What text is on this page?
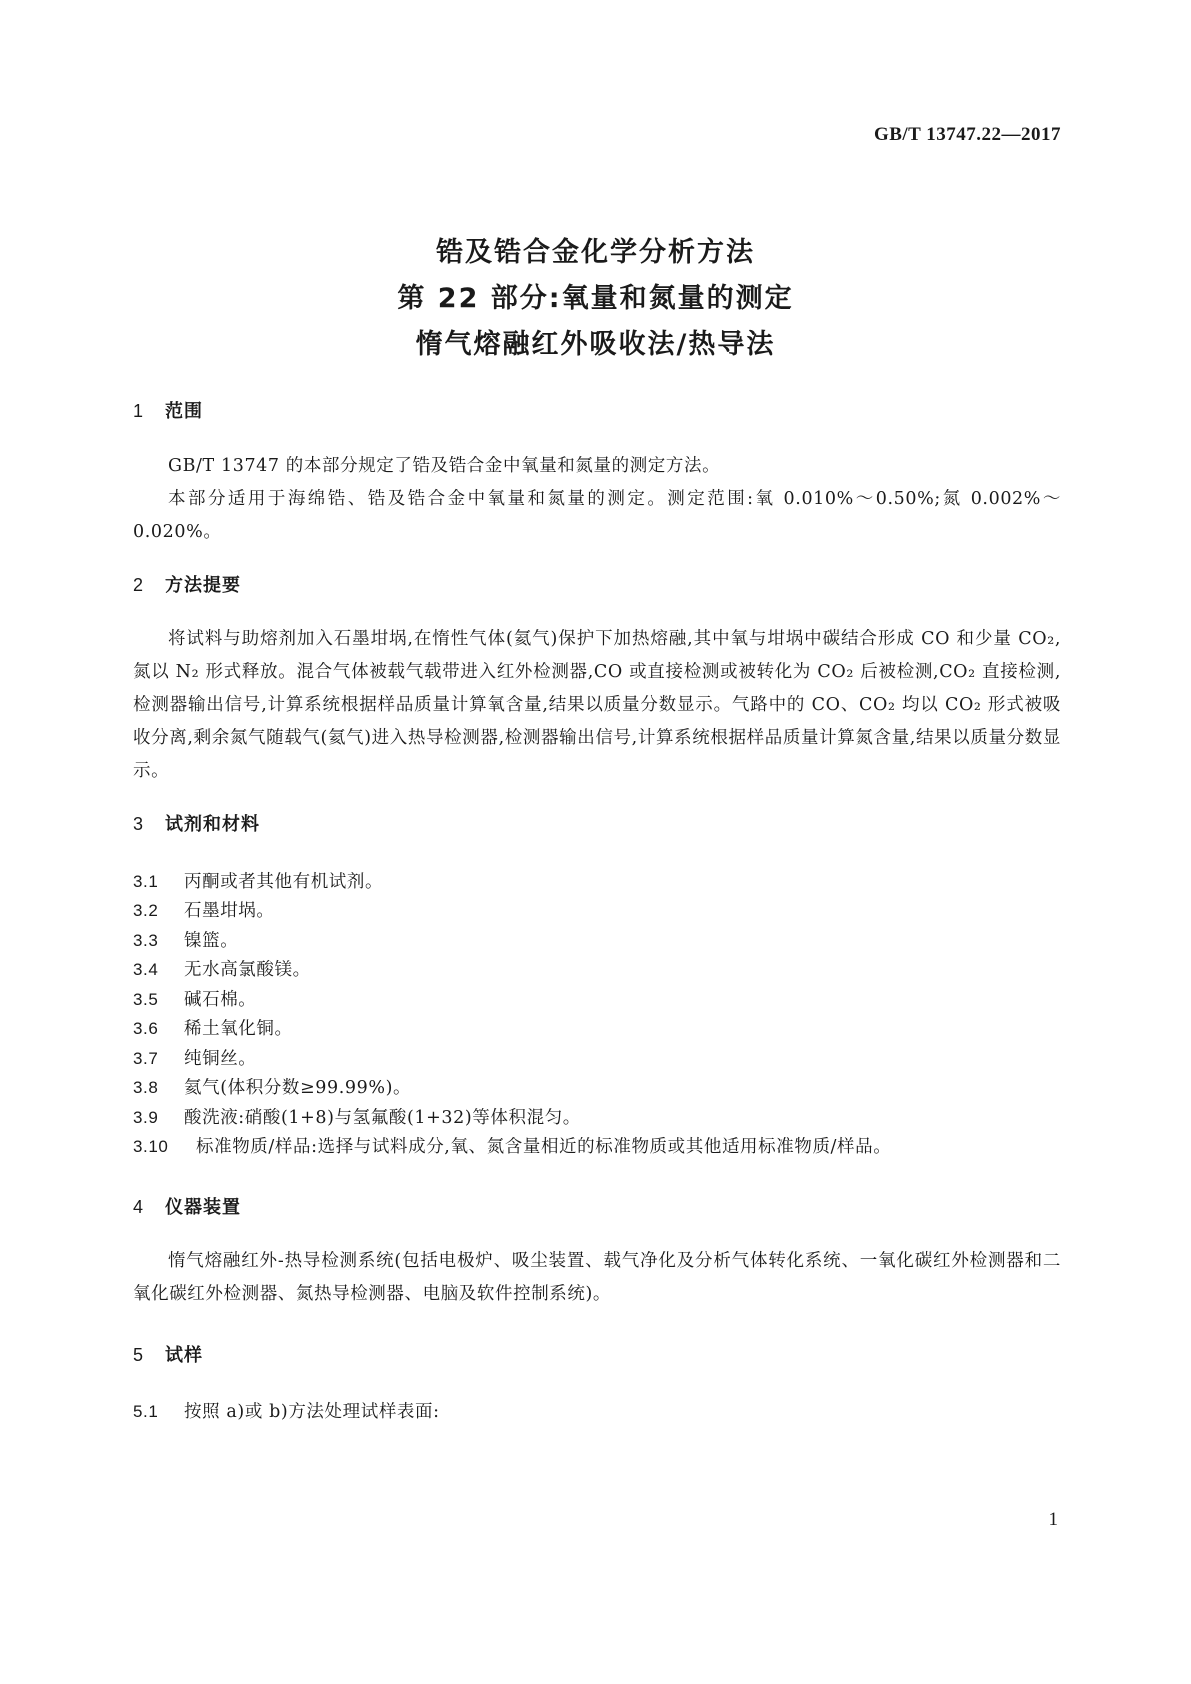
GB/T 13747.22—2017
锆及锆合金化学分析方法
第 22 部分:氧量和氮量的测定
惰气熔融红外吸收法/热导法
1 范围
GB/T 13747 的本部分规定了锆及锆合金中氧量和氮量的测定方法。
本部分适用于海绵锆、锆及锆合金中氧量和氮量的测定。测定范围:氧 0.010%～0.50%;氮 0.002%～0.020%。
2 方法提要
将试料与助熔剂加入石墨坩埚,在惰性气体(氦气)保护下加热熔融,其中氧与坩埚中碳结合形成 CO 和少量 CO₂,氮以 N₂ 形式释放。混合气体被载气载带进入红外检测器,CO 或直接检测或被转化为 CO₂ 后被检测,CO₂ 直接检测,检测器输出信号,计算系统根据样品质量计算氧含量,结果以质量分数显示。气路中的 CO、CO₂ 均以 CO₂ 形式被吸收分离,剩余氮气随载气(氦气)进入热导检测器,检测器输出信号,计算系统根据样品质量计算氮含量,结果以质量分数显示。
3 试剂和材料
3.1 丙酮或者其他有机试剂。
3.2 石墨坩埚。
3.3 镍篮。
3.4 无水高氯酸镁。
3.5 碱石棉。
3.6 稀土氧化铜。
3.7 纯铜丝。
3.8 氦气(体积分数≥99.99%)。
3.9 酸洗液:硝酸(1+8)与氢氟酸(1+32)等体积混匀。
3.10 标准物质/样品:选择与试料成分,氧、氮含量相近的标准物质或其他适用标准物质/样品。
4 仪器装置
惰气熔融红外-热导检测系统(包括电极炉、吸尘装置、载气净化及分析气体转化系统、一氧化碳红外检测器和二氧化碳红外检测器、氮热导检测器、电脑及软件控制系统)。
5 试样
5.1 按照 a)或 b)方法处理试样表面:
1
